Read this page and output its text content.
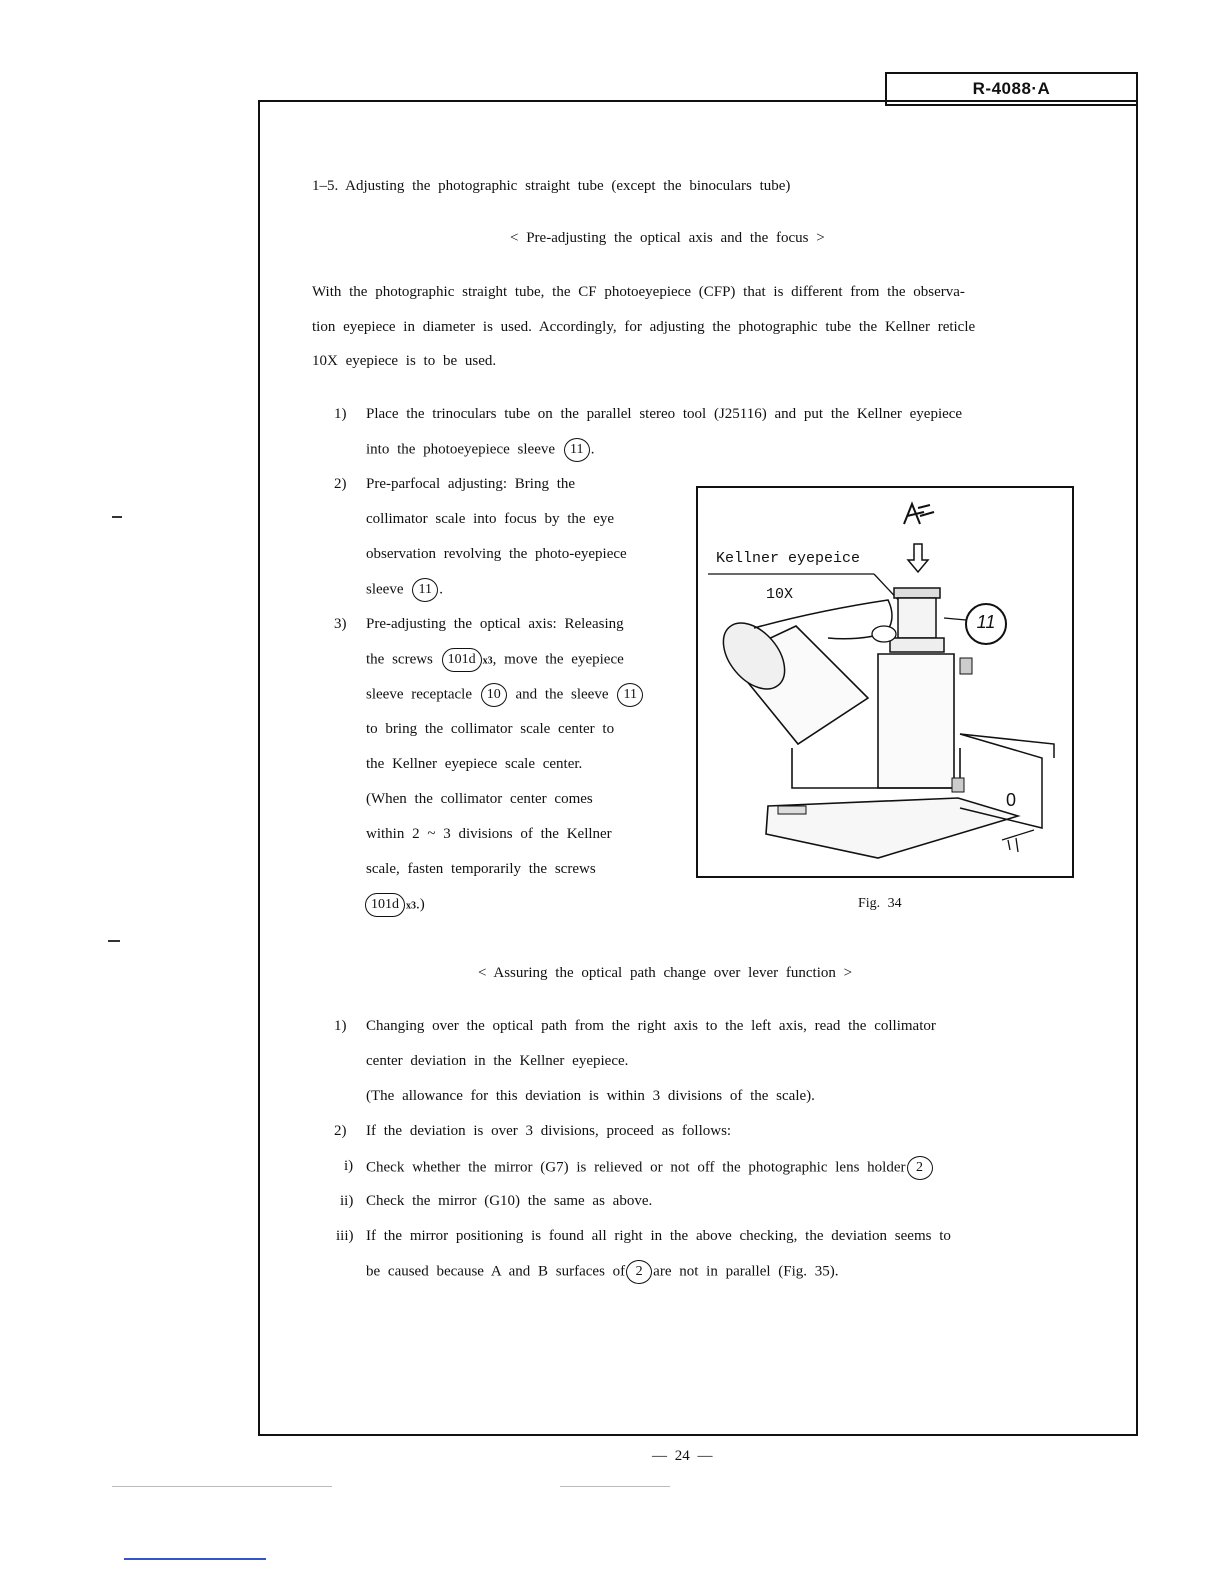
R-4088·A
1–5. Adjusting the photographic straight tube (except the binoculars tube)
< Pre-adjusting the optical axis and the focus >
With the photographic straight tube, the CF photoeyepiece (CFP) that is different from the observa-
tion eyepiece in diameter is used. Accordingly, for adjusting the photographic tube the Kellner reticle
10X eyepiece is to be used.
1) Place the trinoculars tube on the parallel stereo tool (J25116) and put the Kellner eyepiece
into the photoeyepiece sleeve 11 .
2) Pre-parfocal adjusting: Bring the
collimator scale into focus by the eye
observation revolving the photo-eyepiece
sleeve 11 .
3) Pre-adjusting the optical axis: Releasing
the screws 101d x3, move the eyepiece
sleeve receptacle 10 and the sleeve 11
to bring the collimator scale center to
the Kellner eyepiece scale center.
(When the collimator center comes
within 2 ~ 3 divisions of the Kellner
scale, fasten temporarily the screws
101d x3.)
Kellner eyepeice
10X
11
0
Fig. 34
< Assuring the optical path change over lever function >
1) Changing over the optical path from the right axis to the left axis, read the collimator
center deviation in the Kellner eyepiece.
(The allowance for this deviation is within 3 divisions of the scale).
2) If the deviation is over 3 divisions, proceed as follows:
i) Check whether the mirror (G7) is relieved or not off the photographic lens holder 2
ii) Check the mirror (G10) the same as above.
iii) If the mirror positioning is found all right in the above checking, the deviation seems to
be caused because A and B surfaces of 2 are not in parallel (Fig. 35).
— 24 —
